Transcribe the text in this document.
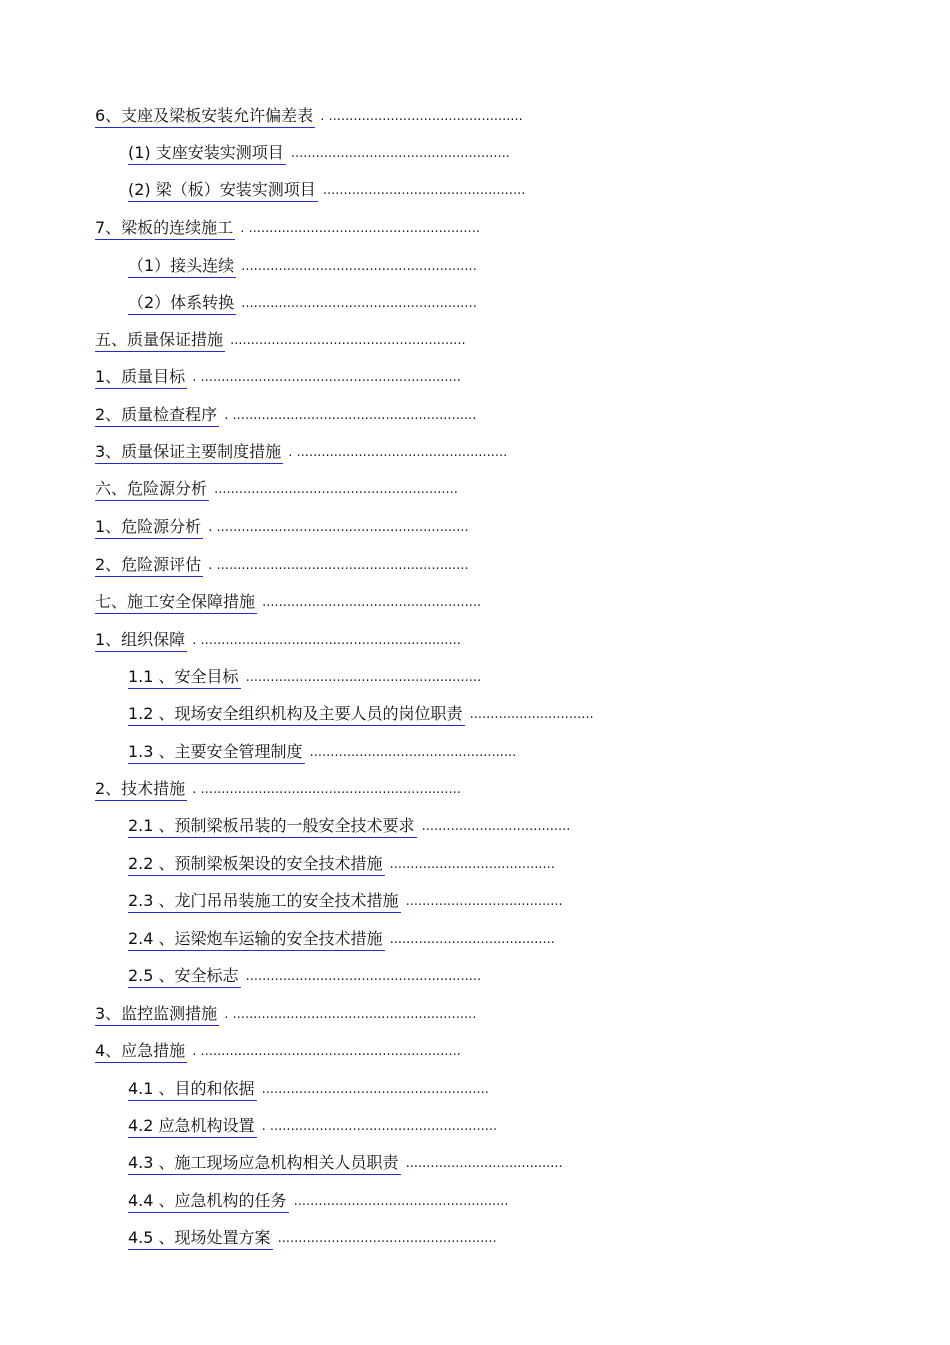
6、支座及梁板安装允许偏差表 . ...............................................
(1) 支座安装实测项目 .....................................................
(2) 梁（板）安装实测项目 .................................................
7、梁板的连续施工 . ........................................................
（1）接头连续 .........................................................
（2）体系转换 .........................................................
五、质量保证措施 .........................................................
1、质量目标 . ...............................................................
2、质量检查程序 . ...........................................................
3、质量保证主要制度措施 . ...................................................
六、危险源分析 ...........................................................
1、危险源分析 . .............................................................
2、危险源评估 . .............................................................
七、施工安全保障措施 .....................................................
1、组织保障 . ...............................................................
1.1 、安全目标 .........................................................
1.2 、现场安全组织机构及主要人员的岗位职责 ..............................
1.3 、主要安全管理制度 ..................................................
2、技术措施 . ...............................................................
2.1 、预制梁板吊装的一般安全技术要求 ....................................
2.2 、预制梁板架设的安全技术措施 ........................................
2.3 、龙门吊吊装施工的安全技术措施 ......................................
2.4 、运梁炮车运输的安全技术措施 ........................................
2.5 、安全标志 .........................................................
3、监控监测措施 . ...........................................................
4、应急措施 . ...............................................................
4.1 、目的和依据 .......................................................
4.2 应急机构设置 . .......................................................
4.3 、施工现场应急机构相关人员职责 ......................................
4.4 、应急机构的任务 ....................................................
4.5 、现场处置方案 .....................................................
